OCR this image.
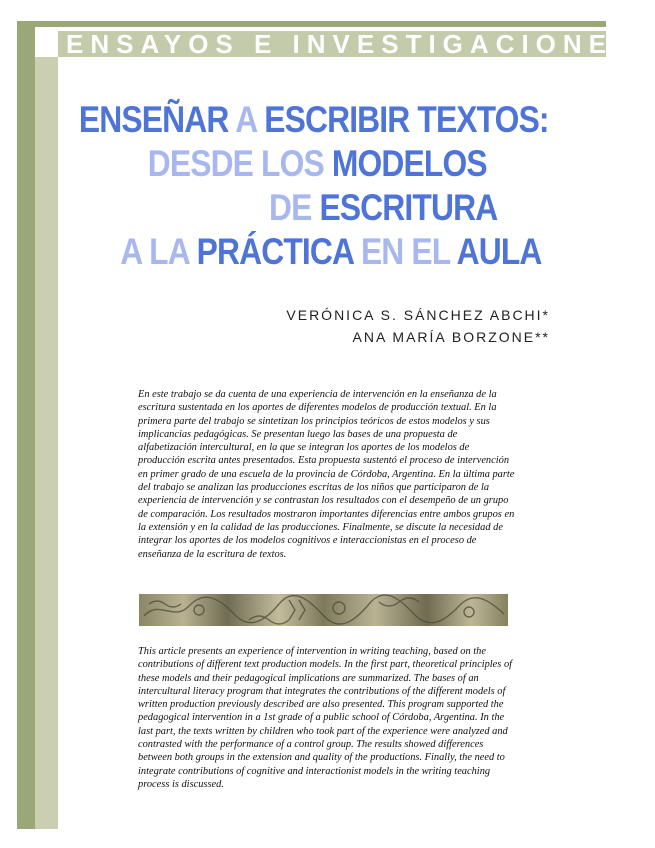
ENSAYOS E INVESTIGACIONES
ENSEÑAR A ESCRIBIR TEXTOS:
DESDE LOS MODELOS
DE ESCRITURA
A LA PRÁCTICA EN EL AULA
VERÓNICA S. SÁNCHEZ ABCHI*
ANA MARÍA BORZONE**
En este trabajo se da cuenta de una experiencia de intervención en la enseñanza de la escritura sustentada en los aportes de diferentes modelos de producción textual. En la primera parte del trabajo se sintetizan los principios teóricos de estos modelos y sus implicancias pedagógicas. Se presentan luego las bases de una propuesta de alfabetización intercultural, en la que se integran los aportes de los modelos de producción escrita antes presentados. Esta propuesta sustentó el proceso de intervención en primer grado de una escuela de la provincia de Córdoba, Argentina. En la última parte del trabajo se analizan las producciones escritas de los niños que participaron de la experiencia de intervención y se contrastan los resultados con el desempeño de un grupo de comparación. Los resultados mostraron importantes diferencias entre ambos grupos en la extensión y en la calidad de las producciones. Finalmente, se discute la necesidad de integrar los aportes de los modelos cognitivos e interaccionistas en el proceso de enseñanza de la escritura de textos.
This article presents an experience of intervention in writing teaching, based on the contributions of different text production models. In the first part, theoretical principles of these models and their pedagogical implications are summarized. The bases of an intercultural literacy program that integrates the contributions of the different models of written production previously described are also presented. This program supported the pedagogical intervention in a 1st grade of a public school of Córdoba, Argentina. In the last part, the texts written by children who took part of the experience were analyzed and contrasted with the performance of a control group. The results showed differences between both groups in the extension and quality of the productions. Finally, the need to integrate contributions of cognitive and interactionist models in the writing teaching process is discussed.
